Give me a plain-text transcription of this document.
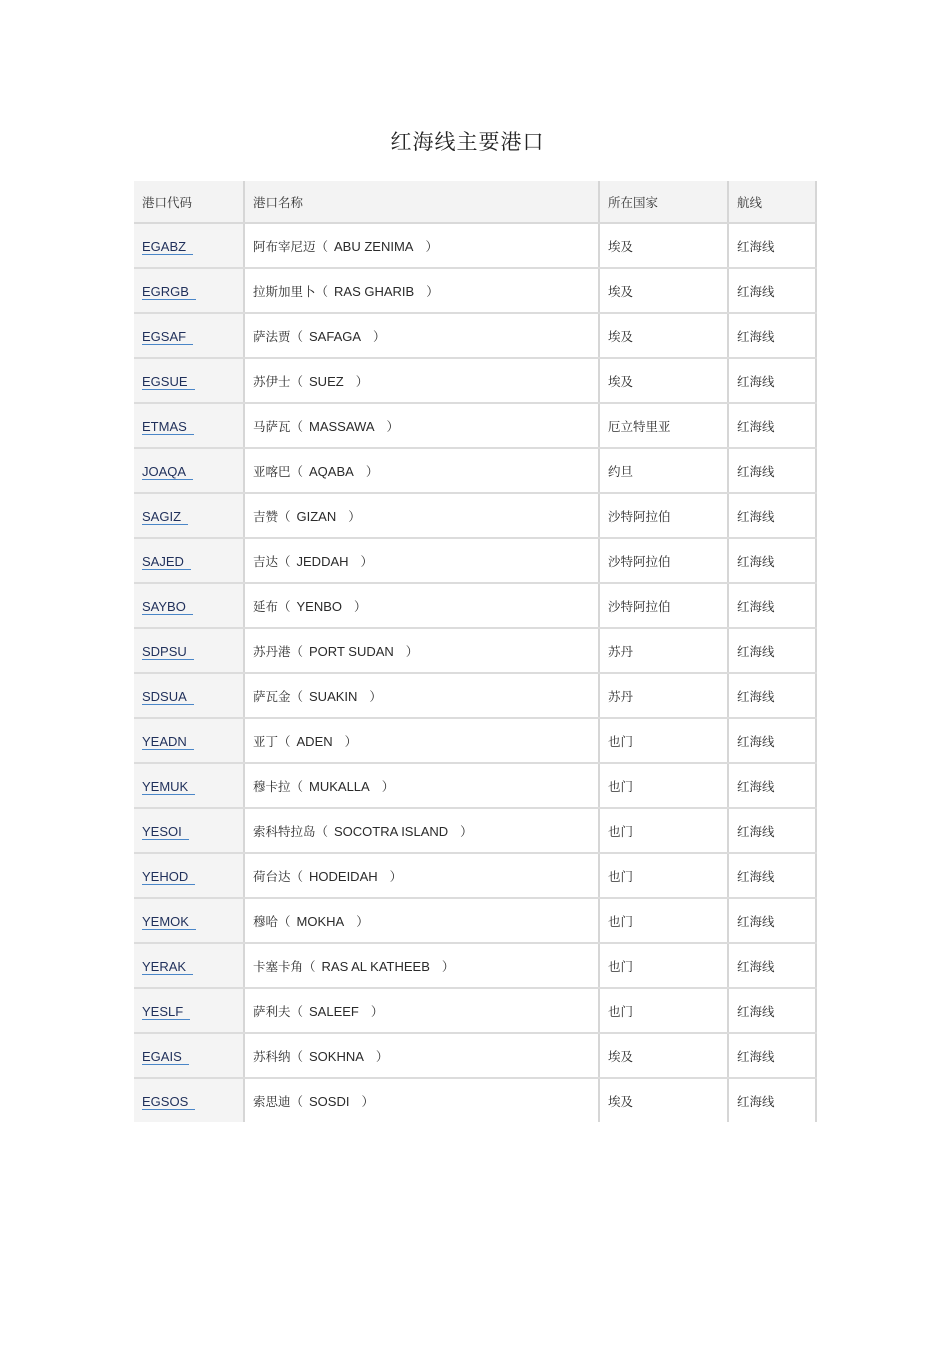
红海线主要港口
港口代码	港口名称	所在国家	航线
EGABZ	阿布宰尼迈（ ABU ZENIMA ）	埃及	红海线
EGRGB	拉斯加里卜（ RAS GHARIB ）	埃及	红海线
EGSAF	萨法贾（ SAFAGA ）	埃及	红海线
EGSUE	苏伊士（ SUEZ ）	埃及	红海线
ETMAS	马萨瓦（ MASSAWA ）	厄立特里亚	红海线
JOAQA	亚喀巴（ AQABA ）	约旦	红海线
SAGIZ	吉赞（ GIZAN ）	沙特阿拉伯	红海线
SAJED	吉达（ JEDDAH ）	沙特阿拉伯	红海线
SAYBO	延布（ YENBO ）	沙特阿拉伯	红海线
SDPSU	苏丹港（ PORT SUDAN ）	苏丹	红海线
SDSUA	萨瓦金（ SUAKIN ）	苏丹	红海线
YEADN	亚丁（ ADEN ）	也门	红海线
YEMUK	穆卡拉（ MUKALLA ）	也门	红海线
YESOI	索科特拉岛（ SOCOTRA ISLAND ）	也门	红海线
YEHOD	荷台达（ HODEIDAH ）	也门	红海线
YEMOK	穆哈（ MOKHA ）	也门	红海线
YERAK	卡塞卡角（ RAS AL KATHEEB ）	也门	红海线
YESLF	萨利夫（ SALEEF ）	也门	红海线
EGAIS	苏科纳（ SOKHNA ）	埃及	红海线
EGSOS	索思迪（ SOSDI ）	埃及	红海线
